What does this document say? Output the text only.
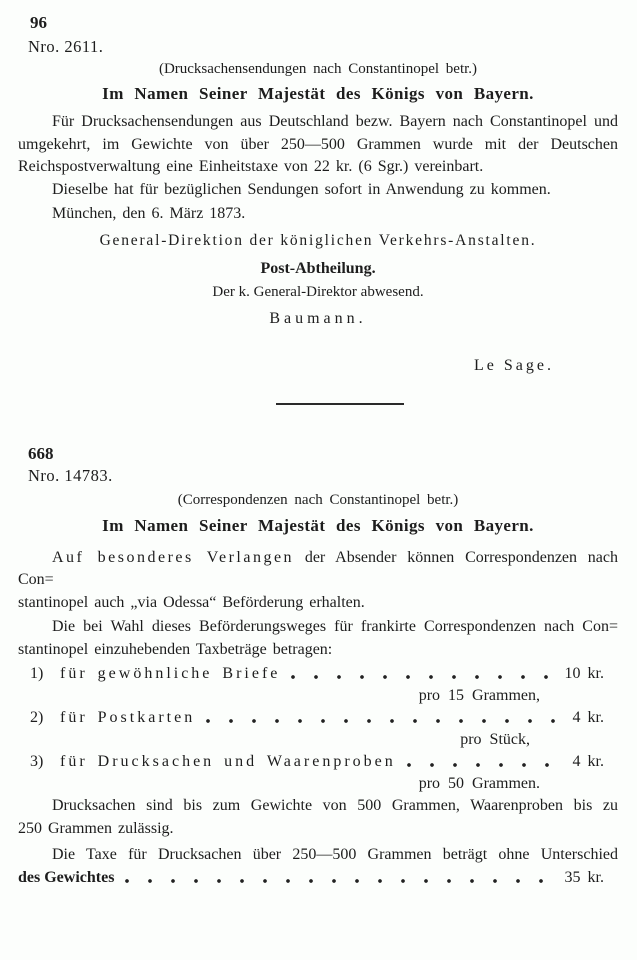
96
Nro. 2611.
(Drucksachensendungen nach Constantinopel betr.)
Im Namen Seiner Majestät des Königs von Bayern.
Für Drucksachensendungen aus Deutschland bezw. Bayern nach Constantinopel und
umgekehrt, im Gewichte von über 250—500 Grammen wurde mit der Deutschen
Reichspostverwaltung eine Einheitstaxe von 22 kr. (6 Sgr.) vereinbart.
Dieselbe hat für bezüglichen Sendungen sofort in Anwendung zu kommen.
München, den 6. März 1873.
General-Direktion der königlichen Verkehrs-Anstalten.
Post-Abtheilung.
Der k. General-Direktor abwesend.
Baumann.
Le Sage.
668
Nro. 14783.
(Correspondenzen nach Constantinopel betr.)
Im Namen Seiner Majestät des Königs von Bayern.
Auf besonderes Verlangen der Absender können Correspondenzen nach Con=
stantinopel auch „via Odessa“ Beförderung erhalten.
Die bei Wahl dieses Beförderungsweges für frankirte Correspondenzen nach Con=
stantinopel einzuhebenden Taxbeträge betragen:
1)	für gewöhnliche Briefe	10 kr.
pro 15 Grammen,
2)	für Postkarten	4 kr.
pro Stück,
3)	für Drucksachen und Waarenproben	4 kr.
pro 50 Grammen.
Drucksachen sind bis zum Gewichte von 500 Grammen, Waarenproben bis zu
250 Grammen zulässig.
Die Taxe für Drucksachen über 250—500 Grammen beträgt ohne Unterschied
des Gewichtes	35 kr.
